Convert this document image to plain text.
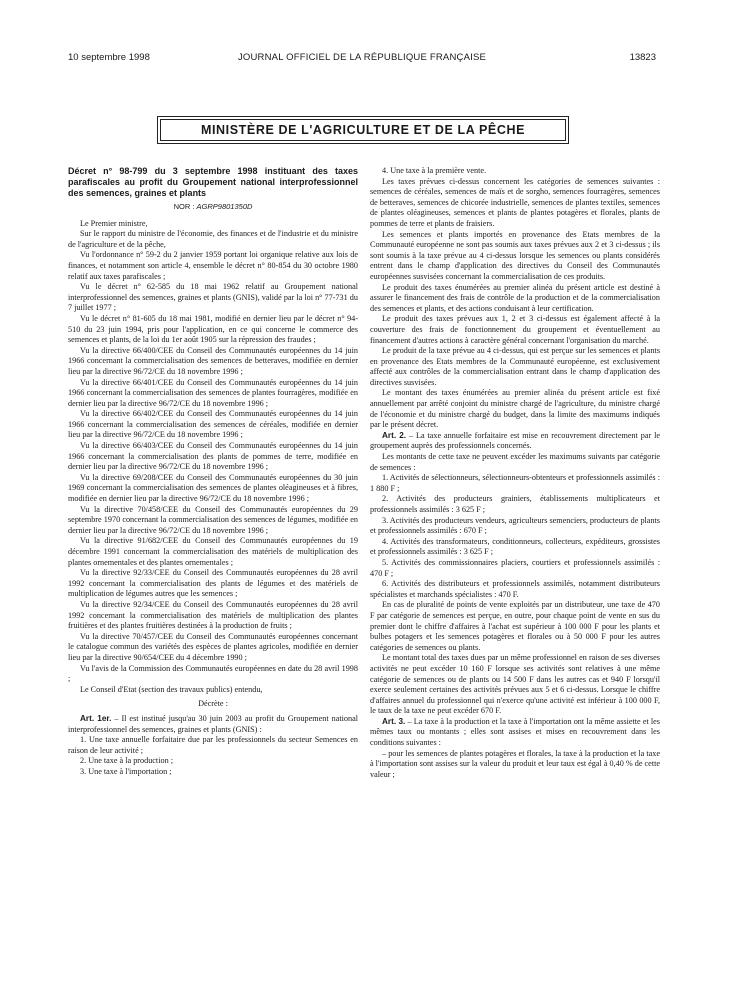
10 septembre 1998	JOURNAL OFFICIEL DE LA RÉPUBLIQUE FRANÇAISE	13823
MINISTÈRE DE L'AGRICULTURE ET DE LA PÊCHE

Décret n° 98-799 du 3 septembre 1998 instituant des taxes parafiscales au profit du Groupement national interprofessionnel des semences, graines et plants

NOR : AGRP9801350D

Le Premier ministre,

Sur le rapport du ministre de l'économie, des finances et de l'industrie et du ministre de l'agriculture et de la pêche,

Vu l'ordonnance n° 59-2 du 2 janvier 1959 portant loi organique relative aux lois de finances, et notamment son article 4, ensemble le décret n° 80-854 du 30 octobre 1980 relatif aux taxes parafiscales ;

Vu le décret n° 62-585 du 18 mai 1962 relatif au Groupement national interprofessionnel des semences, graines et plants (GNIS), validé par la loi n° 77-731 du 7 juillet 1977 ;

Vu le décret n° 81-605 du 18 mai 1981, modifié en dernier lieu par le décret n° 94-510 du 23 juin 1994, pris pour l'application, en ce qui concerne le commerce des semences et plants, de la loi du 1er août 1905 sur la répression des fraudes ;

Vu la directive 66/400/CEE du Conseil des Communautés européennes du 14 juin 1966 concernant la commercialisation des semences de betteraves, modifiée en dernier lieu par la directive 96/72/CE du 18 novembre 1996 ;

Vu la directive 66/401/CEE du Conseil des Communautés européennes du 14 juin 1966 concernant la commercialisation des semences de plantes fourragères, modifiée en dernier lieu par la directive 96/72/CE du 18 novembre 1996 ;

Vu la directive 66/402/CEE du Conseil des Communautés européennes du 14 juin 1966 concernant la commercialisation des semences de céréales, modifiée en dernier lieu par la directive 96/72/CE du 18 novembre 1996 ;

Vu la directive 66/403/CEE du Conseil des Communautés européennes du 14 juin 1966 concernant la commercialisation des plants de pommes de terre, modifiée en dernier lieu par la directive 96/72/CE du 18 novembre 1996 ;

Vu la directive 69/208/CEE du Conseil des Communautés européennes du 30 juin 1969 concernant la commercialisation des semences de plantes oléagineuses et à fibres, modifiée en dernier lieu par la directive 96/72/CE du 18 novembre 1996 ;

Vu la directive 70/458/CEE du Conseil des Communautés européennes du 29 septembre 1970 concernant la commercialisation des semences de légumes, modifiée en dernier lieu par la directive 96/72/CE du 18 novembre 1996 ;

Vu la directive 91/682/CEE du Conseil des Communautés européennes du 19 décembre 1991 concernant la commercialisation des matériels de multiplication des plantes ornementales et des plantes ornementales ;

Vu la directive 92/33/CEE du Conseil des Communautés européennes du 28 avril 1992 concernant la commercialisation des plants de légumes et des matériels de multiplication de légumes autres que les semences ;

Vu la directive 92/34/CEE du Conseil des Communautés européennes du 28 avril 1992 concernant la commercialisation des matériels de multiplication des plantes fruitières et des plantes fruitières destinées à la production de fruits ;

Vu la directive 70/457/CEE du Conseil des Communautés européennes concernant le catalogue commun des variétés des espèces de plantes agricoles, modifiée en dernier lieu par la directive 90/654/CEE du 4 décembre 1990 ;

Vu l'avis de la Commission des Communautés européennes en date du 28 avril 1998 ;

Le Conseil d'Etat (section des travaux publics) entendu,

Décrète :

Art. 1er. – Il est institué jusqu'au 30 juin 2003 au profit du Groupement national interprofessionnel des semences, graines et plants (GNIS) :

1. Une taxe annuelle forfaitaire due par les professionnels du secteur Semences en raison de leur activité ;

2. Une taxe à la production ;

3. Une taxe à l'importation ;

4. Une taxe à la première vente.

Les taxes prévues ci-dessus concernent les catégories de semences suivantes : semences de céréales, semences de maïs et de sorgho, semences fourragères, semences de betteraves, semences de chicorée industrielle, semences de plantes textiles, semences de plantes oléagineuses, semences et plants de plantes potagères et florales, plants de pommes de terre et plants de fraisiers.

Les semences et plants importés en provenance des Etats membres de la Communauté européenne ne sont pas soumis aux taxes prévues aux 2 et 3 ci-dessus ; ils sont soumis à la taxe prévue au 4 ci-dessus lorsque les semences ou plants considérés entrent dans le champ d'application des directives du Conseil des Communautés européennes susvisées concernant la commercialisation de ces produits.

Le produit des taxes énumérées au premier alinéa du présent article est destiné à assurer le financement des frais de contrôle de la production et de la commercialisation des semences et plants, et des actions conduisant à leur certification.

Le produit des taxes prévues aux 1, 2 et 3 ci-dessus est également affecté à la couverture des frais de fonctionnement du groupement et éventuellement au financement d'autres actions à caractère général concernant l'organisation du marché.

Le produit de la taxe prévue au 4 ci-dessus, qui est perçue sur les semences et plants en provenance des Etats membres de la Communauté européenne, est exclusivement affecté aux contrôles de la commercialisation entrant dans le champ d'application des directives susvisées.

Le montant des taxes énumérées au premier alinéa du présent article est fixé annuellement par arrêté conjoint du ministre chargé de l'agriculture, du ministre chargé de l'économie et du ministre chargé du budget, dans la limite des maximums indiqués par le présent décret.

Art. 2. – La taxe annuelle forfaitaire est mise en recouvrement directement par le groupement auprès des professionnels concernés.

Les montants de cette taxe ne peuvent excéder les maximums suivants par catégorie de semences :

1. Activités de sélectionneurs, sélectionneurs-obtenteurs et professionnels assimilés : 1 880 F ;

2. Activités des producteurs grainiers, établissements multiplicateurs et professionnels assimilés : 3 625 F ;

3. Activités des producteurs vendeurs, agriculteurs semenciers, producteurs de plants et professionnels assimilés : 670 F ;

4. Activités des transformateurs, conditionneurs, collecteurs, expéditeurs, grossistes et professionnels assimilés : 3 625 F ;

5. Activités des commissionnaires placiers, courtiers et professionnels assimilés : 470 F ;

6. Activités des distributeurs et professionnels assimilés, notamment distributeurs spécialistes et marchands spécialistes : 470 F.

En cas de pluralité de points de vente exploités par un distributeur, une taxe de 470 F par catégorie de semences est perçue, en outre, pour chaque point de vente en sus du premier dont le chiffre d'affaires à l'achat est supérieur à 100 000 F pour les plants et bulbes potagers et les semences potagères et florales ou à 50 000 F pour les autres catégories de semences ou plants.

Le montant total des taxes dues par un même professionnel en raison de ses diverses activités ne peut excéder 10 160 F lorsque ses activités sont relatives à une même catégorie de semences ou de plants ou 14 500 F dans les autres cas et 940 F lorsqu'il exerce seulement certaines des activités prévues aux 5 et 6 ci-dessus. Lorsque le chiffre d'affaires annuel du professionnel qui n'exerce qu'une activité est inférieur à 100 000 F, le taux de la taxe ne peut excéder 670 F.

Art. 3. – La taxe à la production et la taxe à l'importation ont la même assiette et les mêmes taux ou montants ; elles sont assises et mises en recouvrement dans les conditions suivantes :

– pour les semences de plantes potagères et florales, la taxe à la production et la taxe à l'importation sont assises sur la valeur du produit et leur taux est égal à 0,40 % de cette valeur ;
